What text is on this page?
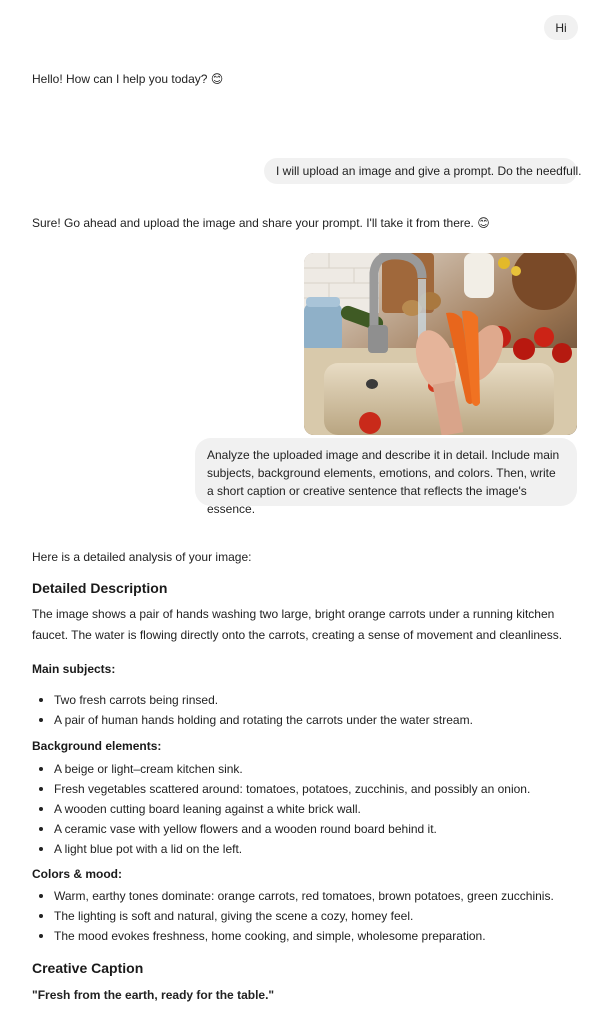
Hi
Hello! How can I help you today? 😊
I will upload an image and give a prompt. Do the needfull.
Sure! Go ahead and upload the image and share your prompt. I'll take it from there. 😊
Analyze the uploaded image and describe it in detail. Include main subjects, background elements, emotions, and colors. Then, write a short caption or creative sentence that reflects the image's essence.
Here is a detailed analysis of your image:
Detailed Description
The image shows a pair of hands washing two large, bright orange carrots under a running kitchen faucet. The water is flowing directly onto the carrots, creating a sense of movement and cleanliness.
Main subjects:
Two fresh carrots being rinsed.
A pair of human hands holding and rotating the carrots under the water stream.
Background elements:
A beige or light–cream kitchen sink.
Fresh vegetables scattered around: tomatoes, potatoes, zucchinis, and possibly an onion.
A wooden cutting board leaning against a white brick wall.
A ceramic vase with yellow flowers and a wooden round board behind it.
A light blue pot with a lid on the left.
Colors & mood:
Warm, earthy tones dominate: orange carrots, red tomatoes, brown potatoes, green zucchinis.
The lighting is soft and natural, giving the scene a cozy, homey feel.
The mood evokes freshness, home cooking, and simple, wholesome preparation.
Creative Caption
"Fresh from the earth, ready for the table."
